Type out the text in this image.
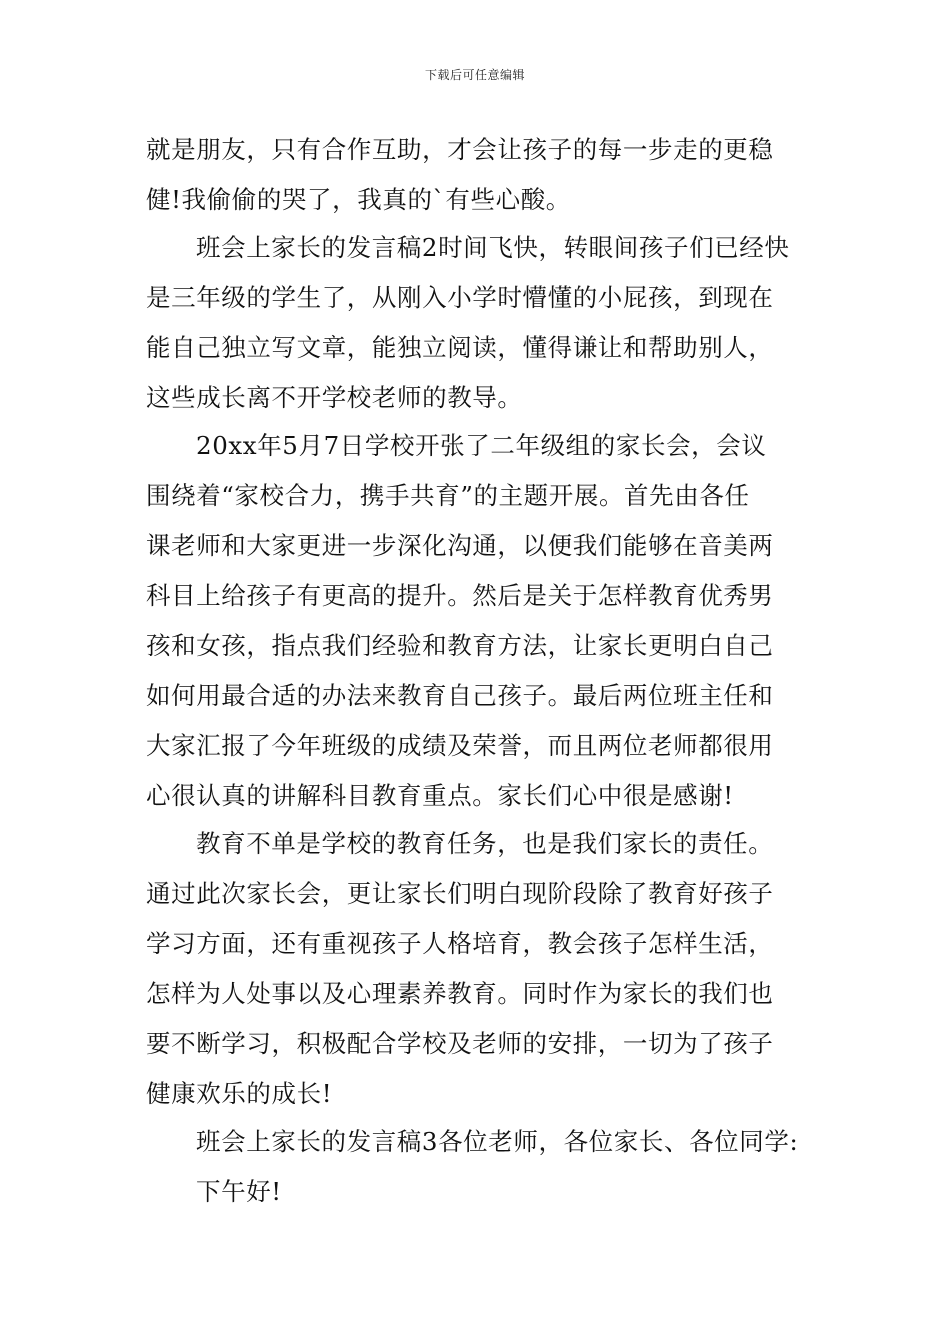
下载后可任意编辑
就是朋友，只有合作互助，才会让孩子的每一步走的更稳
健!我偷偷的哭了，我真的`有些心酸。
班会上家长的发言稿2时间飞快，转眼间孩子们已经快
是三年级的学生了，从刚入小学时懵懂的小屁孩，到现在
能自己独立写文章，能独立阅读，懂得谦让和帮助别人，
这些成长离不开学校老师的教导。
20xx年5月7日学校开张了二年级组的家长会，会议
围绕着“家校合力，携手共育”的主题开展。首先由各任
课老师和大家更进一步深化沟通，以便我们能够在音美两
科目上给孩子有更高的提升。然后是关于怎样教育优秀男
孩和女孩，指点我们经验和教育方法，让家长更明白自己
如何用最合适的办法来教育自己孩子。最后两位班主任和
大家汇报了今年班级的成绩及荣誉，而且两位老师都很用
心很认真的讲解科目教育重点。家长们心中很是感谢!
教育不单是学校的教育任务，也是我们家长的责任。
通过此次家长会，更让家长们明白现阶段除了教育好孩子
学习方面，还有重视孩子人格培育，教会孩子怎样生活，
怎样为人处事以及心理素养教育。同时作为家长的我们也
要不断学习，积极配合学校及老师的安排，一切为了孩子
健康欢乐的成长!
班会上家长的发言稿3各位老师，各位家长、各位同学:
下午好!
